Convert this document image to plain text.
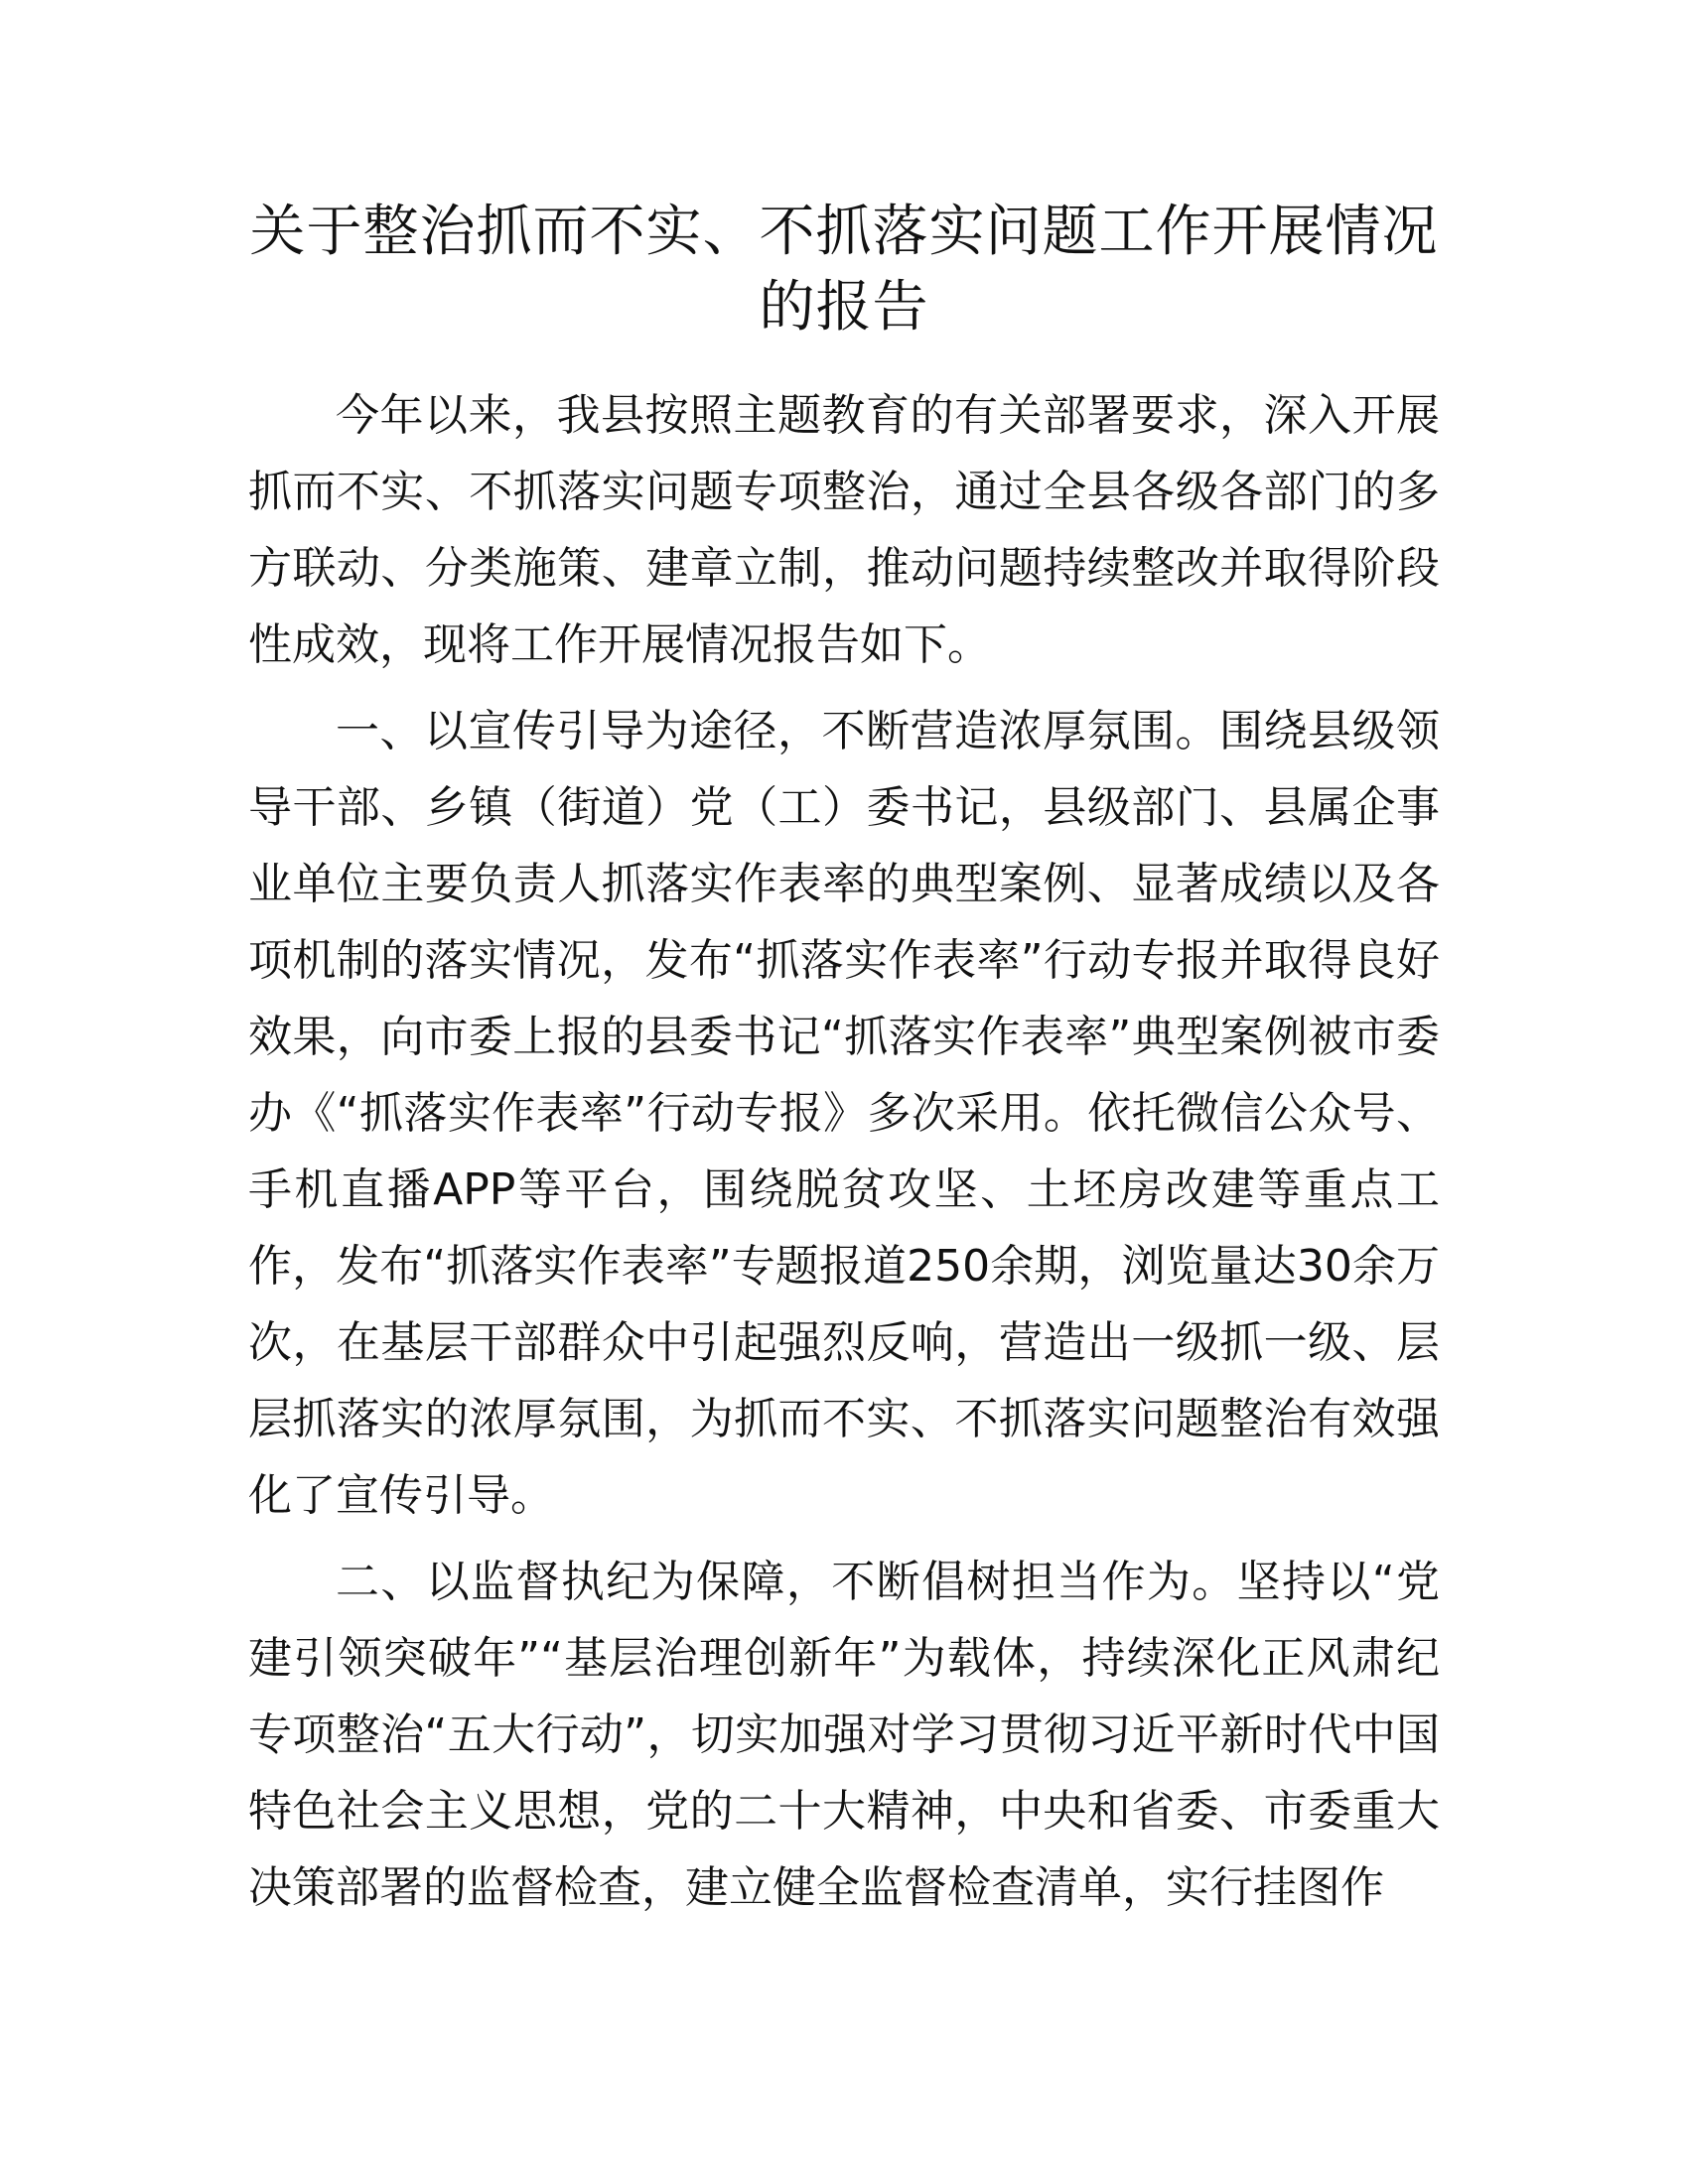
关于整治抓而不实、不抓落实问题工作开展情况的报告

今年以来，我县按照主题教育的有关部署要求，深入开展抓而不实、不抓落实问题专项整治，通过全县各级各部门的多方联动、分类施策、建章立制，推动问题持续整改并取得阶段性成效，现将工作开展情况报告如下。

一、以宣传引导为途径，不断营造浓厚氛围。围绕县级领导干部、乡镇（街道）党（工）委书记，县级部门、县属企事业单位主要负责人抓落实作表率的典型案例、显著成绩以及各项机制的落实情况，发布“抓落实作表率”行动专报并取得良好效果，向市委上报的县委书记“抓落实作表率”典型案例被市委办《“抓落实作表率”行动专报》多次采用。依托微信公众号、手机直播APP等平台，围绕脱贫攻坚、土坯房改建等重点工作，发布“抓落实作表率”专题报道250余期，浏览量达30余万次，在基层干部群众中引起强烈反响，营造出一级抓一级、层层抓落实的浓厚氛围，为抓而不实、不抓落实问题整治有效强化了宣传引导。

二、以监督执纪为保障，不断倡树担当作为。坚持以“党建引领突破年”“基层治理创新年”为载体，持续深化正风肃纪专项整治“五大行动”，切实加强对学习贯彻习近平新时代中国特色社会主义思想，党的二十大精神，中央和省委、市委重大决策部署的监督检查，建立健全监督检查清单，实行挂图作
